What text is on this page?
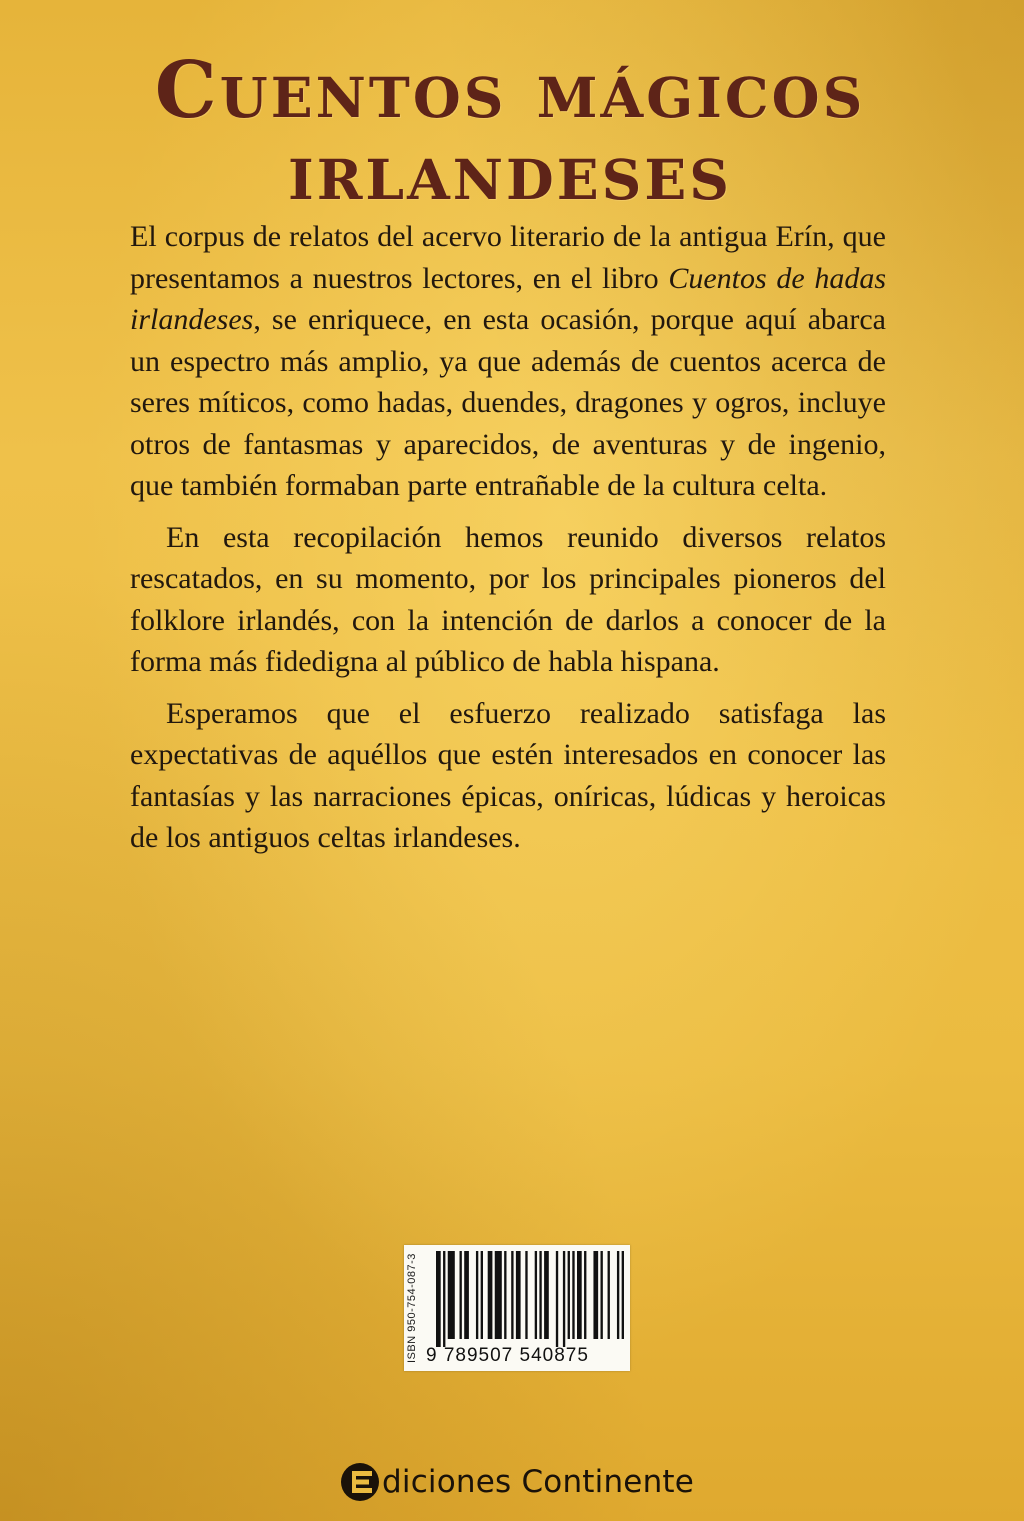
Cuentos mágicos
irlandeses

El corpus de relatos del acervo literario de la antigua Erín, que presentamos a nuestros lectores, en el libro Cuentos de hadas irlandeses, se enriquece, en esta ocasión, porque aquí abarca un espectro más amplio, ya que además de cuentos acerca de seres míticos, como hadas, duendes, dragones y ogros, incluye otros de fantasmas y aparecidos, de aventuras y de ingenio, que también formaban parte entrañable de la cultura celta.

En esta recopilación hemos reunido diversos relatos rescatados, en su momento, por los principales pioneros del folklore irlandés, con la intención de darlos a conocer de la forma más fidedigna al público de habla hispana.

Esperamos que el esfuerzo realizado satisfaga las expectativas de aquéllos que estén interesados en conocer las fantasías y las narraciones épicas, oníricas, lúdicas y heroicas de los antiguos celtas irlandeses.

ISBN 950-754-087-3 9 789507 540875
diciones Continente
